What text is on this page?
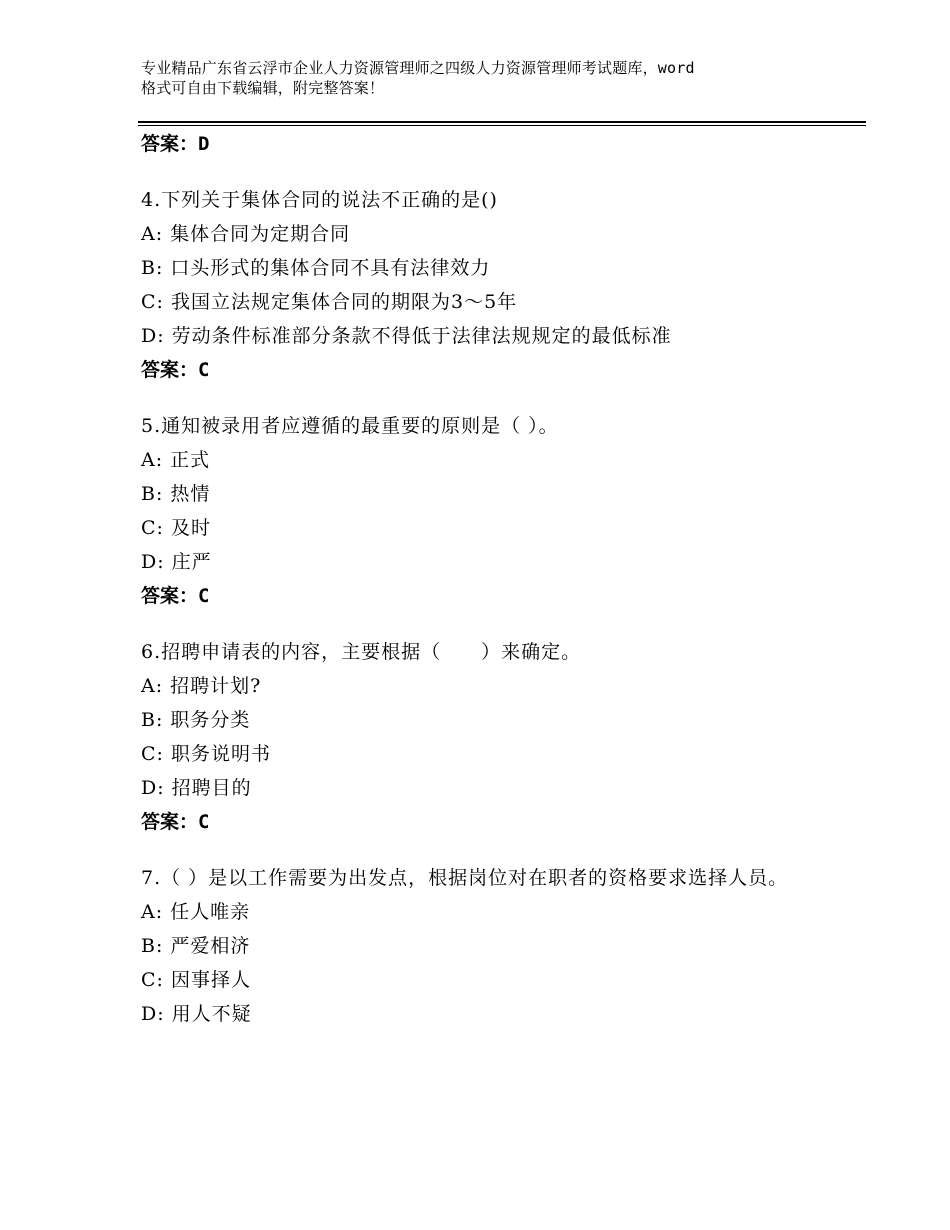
专业精品广东省云浮市企业人力资源管理师之四级人力资源管理师考试题库，word
格式可自由下载编辑，附完整答案！
答案：D
4.下列关于集体合同的说法不正确的是()
A: 集体合同为定期合同
B: 口头形式的集体合同不具有法律效力
C: 我国立法规定集体合同的期限为3～5年
D: 劳动条件标准部分条款不得低于法律法规规定的最低标准
答案：C
5.通知被录用者应遵循的最重要的原则是（ ）。
A: 正式
B: 热情
C: 及时
D: 庄严
答案：C
6.招聘申请表的内容，主要根据（　　）来确定。
A: 招聘计划?
B: 职务分类
C: 职务说明书
D: 招聘目的
答案：C
7.（ ）是以工作需要为出发点，根据岗位对在职者的资格要求选择人员。
A: 任人唯亲
B: 严爱相济
C: 因事择人
D: 用人不疑
